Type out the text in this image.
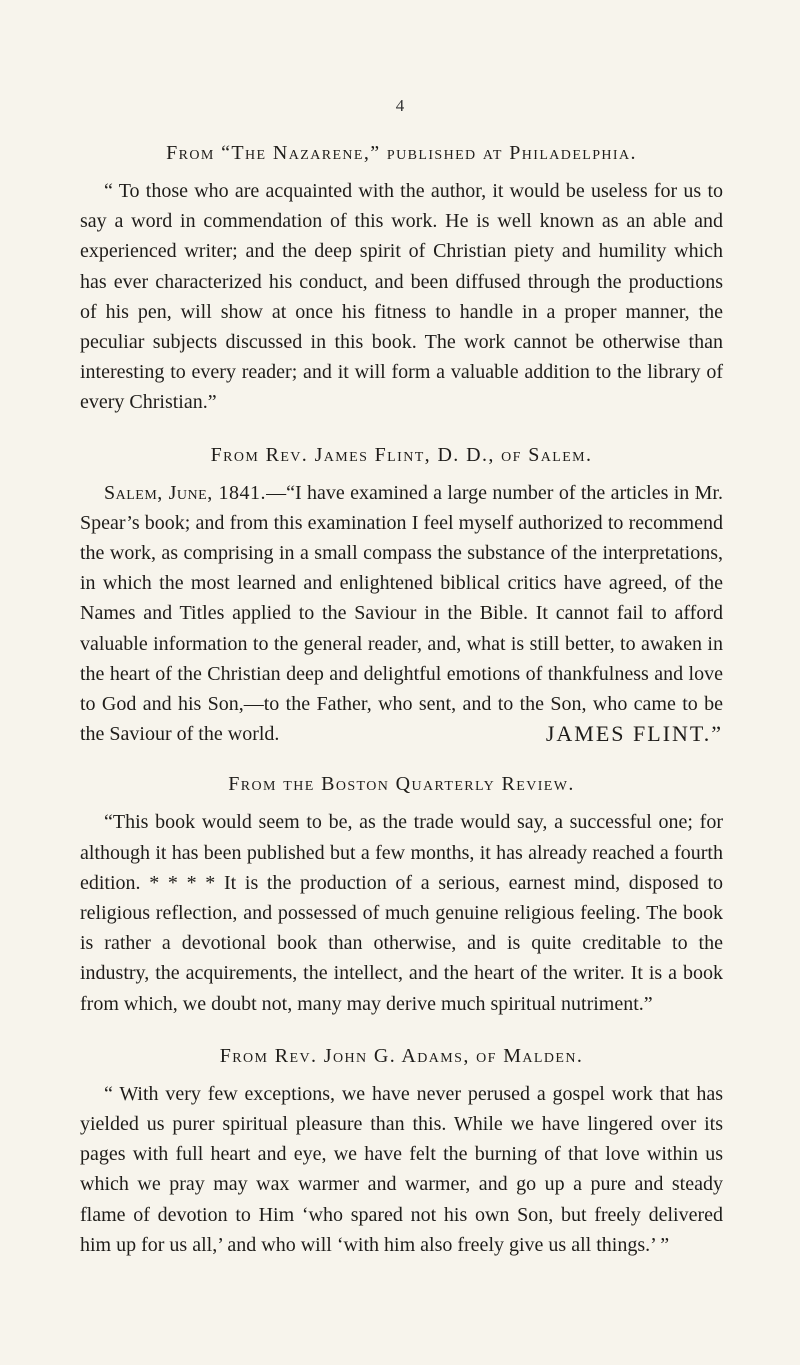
4

From “The Nazarene,” published at Philadelphia.

“ To those who are acquainted with the author, it would be useless for us to say a word in commendation of this work. He is well known as an able and experienced writer; and the deep spirit of Christian piety and humility which has ever characterized his conduct, and been diffused through the productions of his pen, will show at once his fitness to handle in a proper manner, the peculiar subjects discussed in this book. The work cannot be otherwise than interesting to every reader; and it will form a valuable addition to the library of every Christian.”

From Rev. James Flint, D. D., of Salem.

Salem, June, 1841.—“I have examined a large number of the articles in Mr. Spear’s book; and from this examination I feel myself authorized to recommend the work, as comprising in a small compass the substance of the interpretations, in which the most learned and enlightened biblical critics have agreed, of the Names and Titles applied to the Saviour in the Bible. It cannot fail to afford valuable information to the general reader, and, what is still better, to awaken in the heart of the Christian deep and delightful emotions of thankfulness and love to God and his Son,—to the Father, who sent, and to the Son, who came to be the Saviour of the world.	JAMES FLINT.”

From the Boston Quarterly Review.

“This book would seem to be, as the trade would say, a successful one; for although it has been published but a few months, it has already reached a fourth edition. * * * * It is the production of a serious, earnest mind, disposed to religious reflection, and possessed of much genuine religious feeling. The book is rather a devotional book than otherwise, and is quite creditable to the industry, the acquirements, the intellect, and the heart of the writer. It is a book from which, we doubt not, many may derive much spiritual nutriment.”

From Rev. John G. Adams, of Malden.

“ With very few exceptions, we have never perused a gospel work that has yielded us purer spiritual pleasure than this. While we have lingered over its pages with full heart and eye, we have felt the burning of that love within us which we pray may wax warmer and warmer, and go up a pure and steady flame of devotion to Him ‘who spared not his own Son, but freely delivered him up for us all,’ and who will ‘with him also freely give us all things.’ ”
